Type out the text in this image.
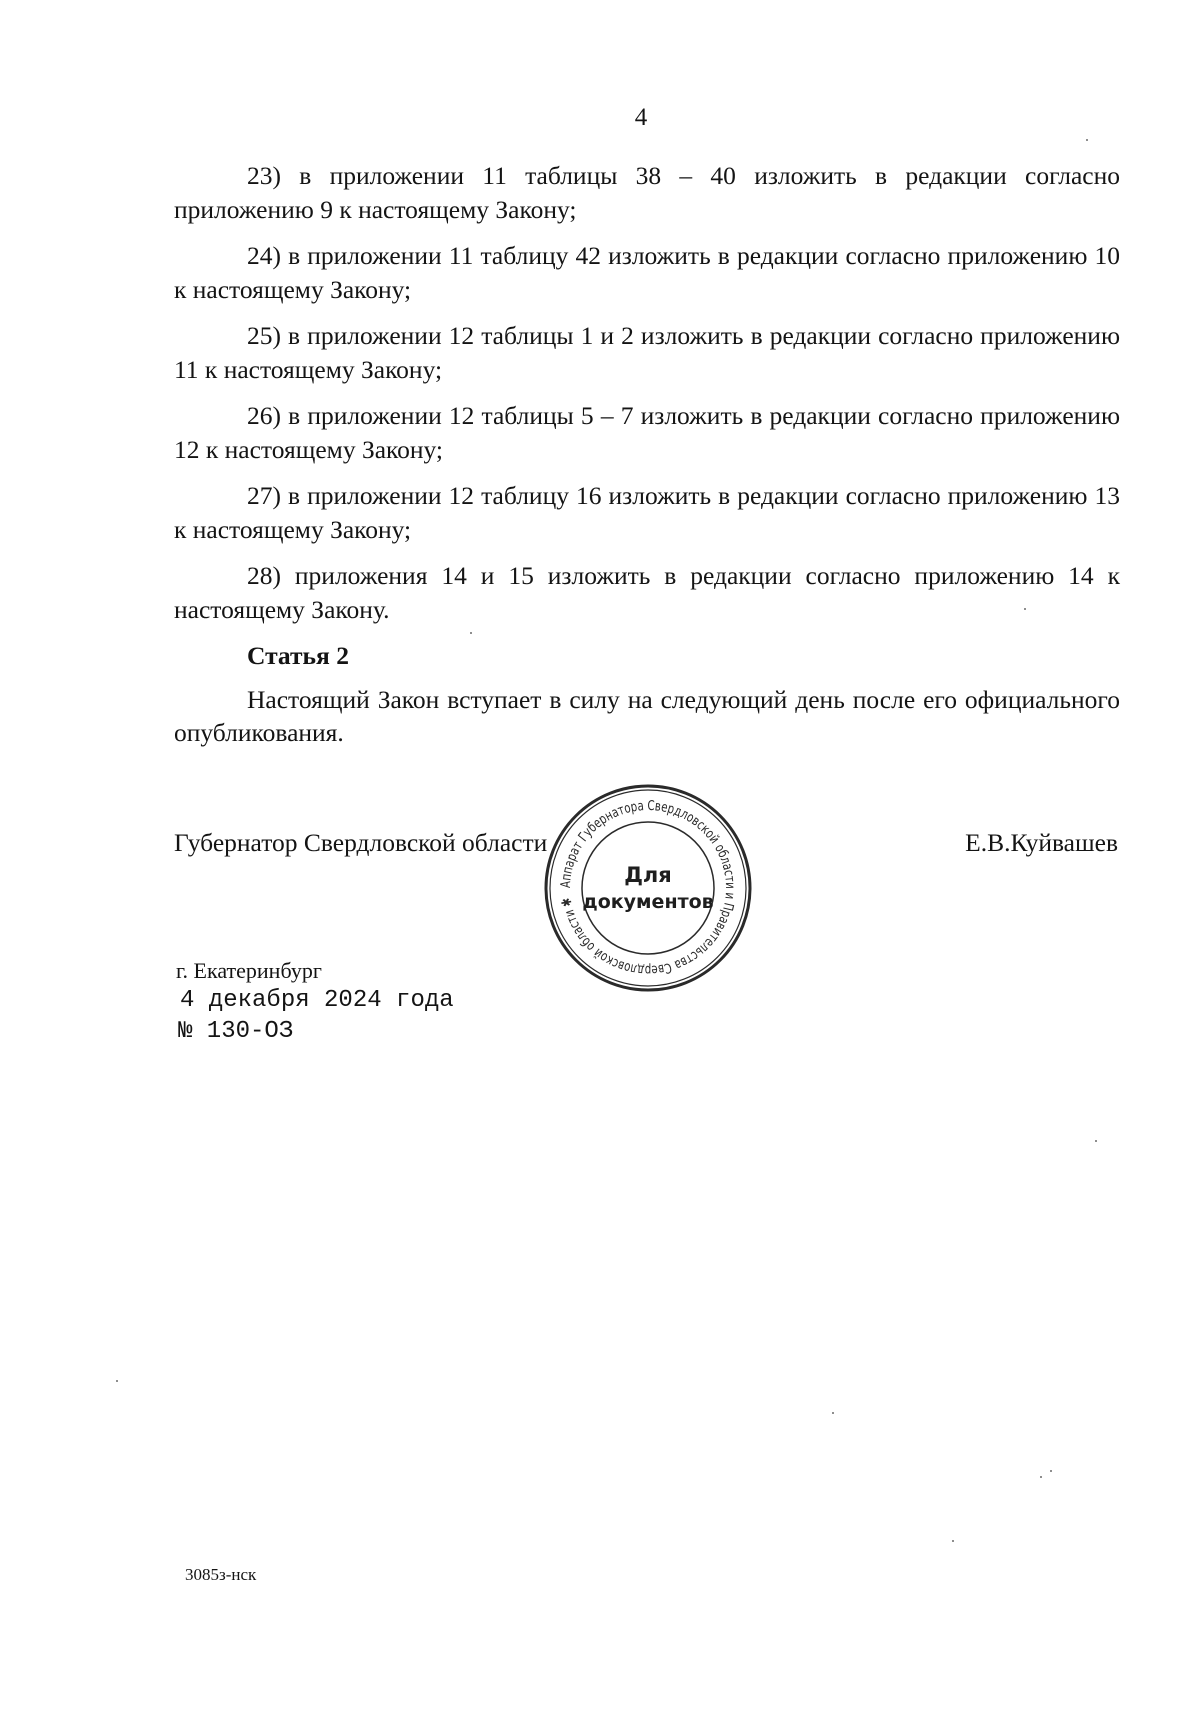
4

23) в приложении 11 таблицы 38 – 40 изложить в редакции согласно приложению 9 к настоящему Закону;

24) в приложении 11 таблицу 42 изложить в редакции согласно приложению 10 к настоящему Закону;

25) в приложении 12 таблицы 1 и 2 изложить в редакции согласно приложению 11 к настоящему Закону;

26) в приложении 12 таблицы 5 – 7 изложить в редакции согласно приложению 12 к настоящему Закону;

27) в приложении 12 таблицу 16 изложить в редакции согласно приложению 13 к настоящему Закону;

28) приложения 14 и 15 изложить в редакции согласно приложению 14 к настоящему Закону.

Статья 2

Настоящий Закон вступает в силу на следующий день после его официального опубликования.

Губернатор Свердловской области	Е.В.Куйвашев
Аппарат Губернатора Свердловской области и Правительства Свердловской области ✱
Для
документов
г. Екатеринбург
4 декабря 2024 года
№ 130-ОЗ
3085з-нск
